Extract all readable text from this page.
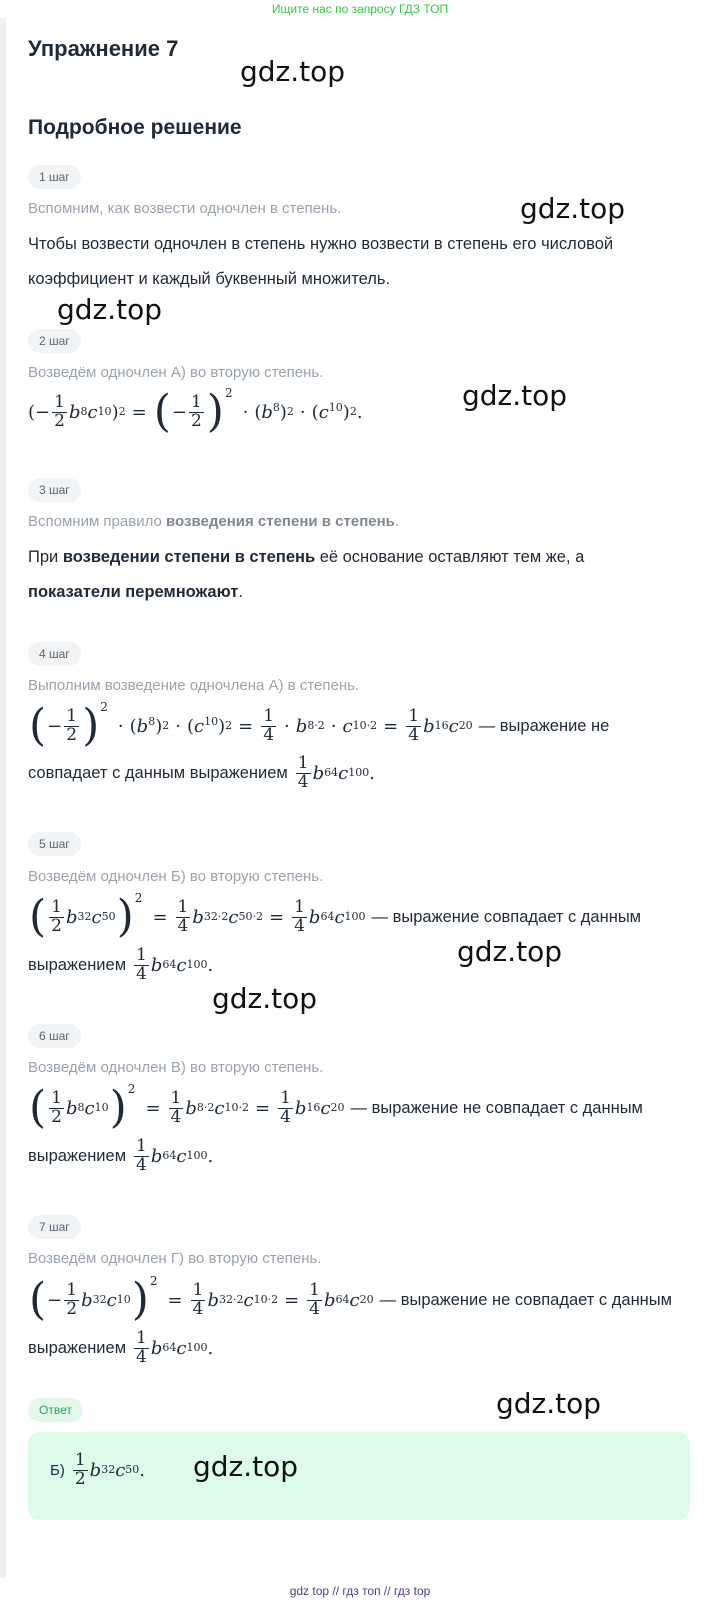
Ищите нас по запросу ГДЗ ТОП
Упражнение 7
Подробное решение
1 шаг
Вспомним, как возвести одночлен в степень.
Чтобы возвести одночлен в степень нужно возвести в степень его числовой
коэффициент и каждый буквенный множитель.
2 шаг
Возведём одночлен А) во вторую степень.
(− $\frac{1}{2}$ b 8 c 10 ) 2 = ( − $\frac{1}{2}$ ) 2
· $(b^8) 2 \cdot (c^{10})$ 2 .
3 шаг
Вспомним правило возведения степени в степень.
При возведении степени в степень её основание оставляют тем же, а
показатели перемножают.
4 шаг
Выполним возведение одночлена А) в степень.
( − $\frac{1}{2}$ ) 2
· $(b^8) 2 \cdot (c^{10}) 2 = \frac{1}{4} \cdot b$ 8·2 · c $10\cdot 2 = \frac{1}{4}$ b 16 c 20 — выражение не
совпадает с данным выражением $\frac{1}{4}$ b 64 c 100 .
5 шаг
Возведём одночлен Б) во вторую степень.
( $\frac{1}{2}$ b 32 c 50 ) 2
= $\frac{1}{4}$ b 32·2 c $50\cdot 2 = \frac{1}{4}$ b 64 c 100 — выражение совпадает с данным
выражением $\frac{1}{4}$ b 64 c 100 .
6 шаг
Возведём одночлен В) во вторую степень.
( $\frac{1}{2}$ b 8 c 10 ) 2
= $\frac{1}{4}$ b 8·2 c $10\cdot 2 = \frac{1}{4}$ b 16 c 20 — выражение не совпадает с данным
выражением $\frac{1}{4}$ b 64 c 100 .
7 шаг
Возведём одночлен Г) во вторую степень.
( − $\frac{1}{2}$ b 32 c 10 ) 2
= $\frac{1}{4}$ b 32·2 c $10\cdot 2 = \frac{1}{4}$ b 64 c 20 — выражение не совпадает с данным
выражением $\frac{1}{4}$ b 64 c 100 .
Ответ
$Б) \frac{1}{2}$ b 32 c 50 .
gdz.top
gdz.top
gdz.top
gdz.top
gdz.top
gdz.top
gdz.top
gdz.top
gdz top // гдз топ // гдз top
